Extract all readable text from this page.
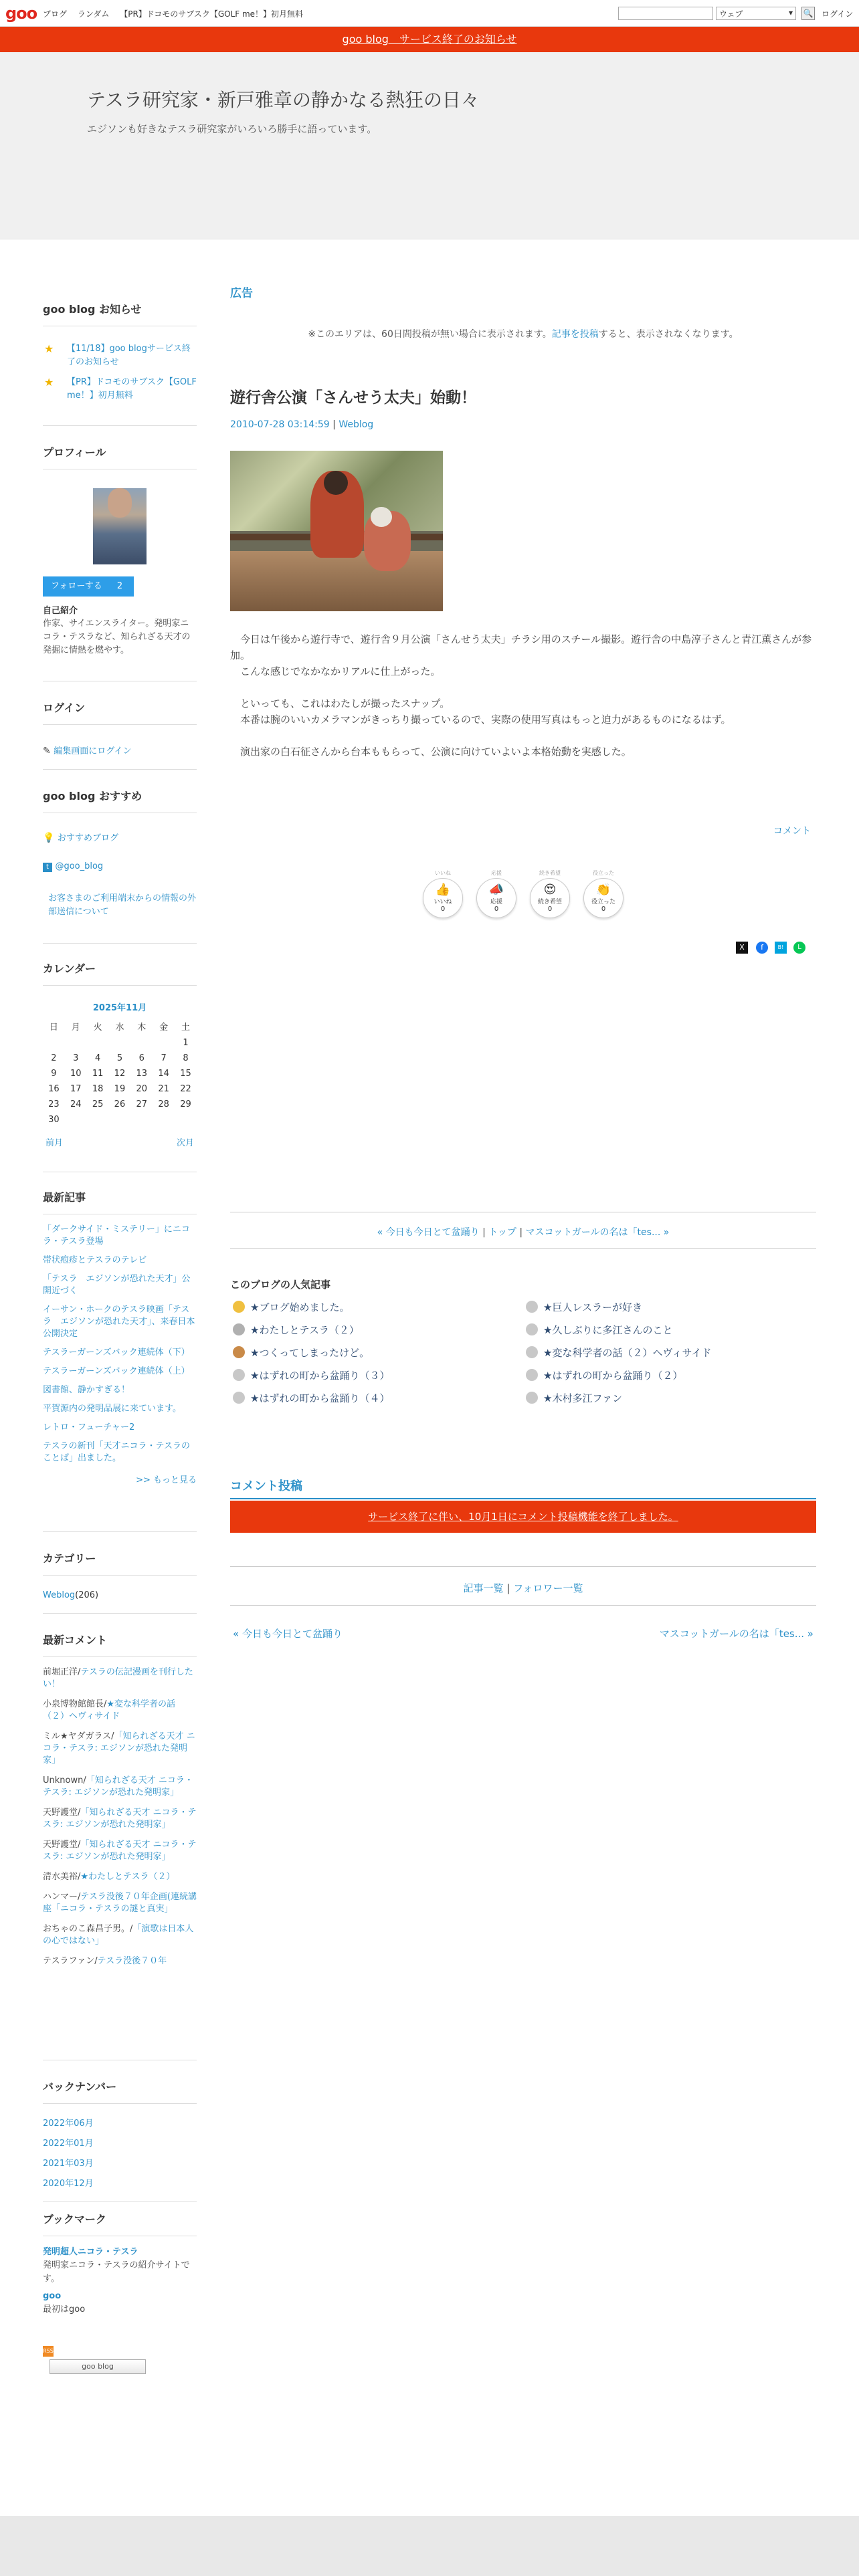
goo ブログ ランダム 【PR】ドコモのサブスク【GOLF me！】初月無料	ウェブ	▾ 🔍 ログイン
goo blog　サービス終了のお知らせ
テスラ研究家・新戸雅章の静かなる熱狂の日々
エジソンも好きなテスラ研究家がいろいろ勝手に語っています。
goo blog お知らせ
★ 【11/18】goo blogサービス終了のお知らせ
★ 【PR】ドコモのサブスク【GOLF me！】初月無料
プロフィール
フォローする 2
自己紹介
作家、サイエンスライター。発明家ニコラ・テスラなど、知られざる天才の発掘に情熱を燃やす。
ログイン
✎ 編集画面にログイン
goo blog おすすめ
💡 おすすめブログ
t @goo_blog
お客さまのご利用端末からの情報の外部送信について
カレンダー
2025年11月
日	月	火	水	木	金	土
						1
2	3	4	5	6	7	8
9	10	11	12	13	14	15
16	17	18	19	20	21	22
23	24	25	26	27	28	29
30						
前月	次月
最新記事
「ダークサイド・ミステリー」にニコラ・テスラ登場
帯状疱疹とテスラのテレビ
「テスラ　エジソンが恐れた天才」公開近づく
イーサン・ホークのテスラ映画「テスラ　エジソンが恐れた天才」、来春日本公開決定
テスラーガーンズバック連続体（下）
テスラーガーンズバック連続体（上）
図書館、静かすぎる！
平賀源内の発明品展に来ています。
レトロ・フューチャー2
テスラの新刊「天才ニコラ・テスラのことば」出ました。
>> もっと見る
カテゴリー
Weblog(206)
最新コメント
前堀正洋/テスラの伝記漫画を刊行したい！
小泉博物館館長/★変な科学者の話（２）ヘヴィサイド
ミル★ヤダガラス/「知られざる天才 ニコラ・テスラ: エジソンが恐れた発明家」
Unknown/「知られざる天才 ニコラ・テスラ: エジソンが恐れた発明家」
天野護堂/「知られざる天才 ニコラ・テスラ: エジソンが恐れた発明家」
天野護堂/「知られざる天才 ニコラ・テスラ: エジソンが恐れた発明家」
清水美裕/★わたしとテスラ（２）
ハンマー/テスラ没後７０年企画(連続講座「ニコラ・テスラの謎と真実」
おちゃのこ森昌子男。/「演歌は日本人の心ではない」
テスラファン/テスラ没後７０年
バックナンバー
2022年06月
2022年01月
2021年03月
2020年12月
ブックマーク
発明超人ニコラ・テスラ
発明家ニコラ・テスラの紹介サイトです。
goo
最初はgoo
RSS
goo blog
広告
※このエリアは、60日間投稿が無い場合に表示されます。記事を投稿すると、表示されなくなります。
遊行舎公演「さんせう太夫」始動！
2010-07-28 03:14:59 | Weblog
　今日は午後から遊行寺で、遊行舎９月公演「さんせう太夫」チラシ用のスチール撮影。遊行舎の中島淳子さんと青江薫さんが参加。
　こんな感じでなかなかリアルに仕上がった。
　といっても、これはわたしが撮ったスナップ。
　本番は腕のいいカメラマンがきっちり撮っているので、実際の使用写真はもっと迫力があるものになるはず。
　演出家の白石征さんから台本ももらって、公演に向けていよいよ本格始動を実感した。
コメント
いいね
👍
いいね
0
応援
📣
応援
0
続き希望
😍
続き希望
0
役立った
👏
役立った
0
X	f	B!	L
« 今日も今日とて盆踊り | トップ | マスコットガールの名は「tes... »
このブログの人気記事
★ブログ始めました。
★わたしとテスラ（２）
★つくってしまったけど。
★はずれの町から盆踊り（３）
★はずれの町から盆踊り（４）
★巨人レスラーが好き
★久しぶりに多江さんのこと
★変な科学者の話（２）ヘヴィサイド
★はずれの町から盆踊り（２）
★木村多江ファン
コメント投稿
サービス終了に伴い、10月1日にコメント投稿機能を終了しました。
記事一覧 | フォロワー一覧
« 今日も今日とて盆踊り	マスコットガールの名は「tes... »
